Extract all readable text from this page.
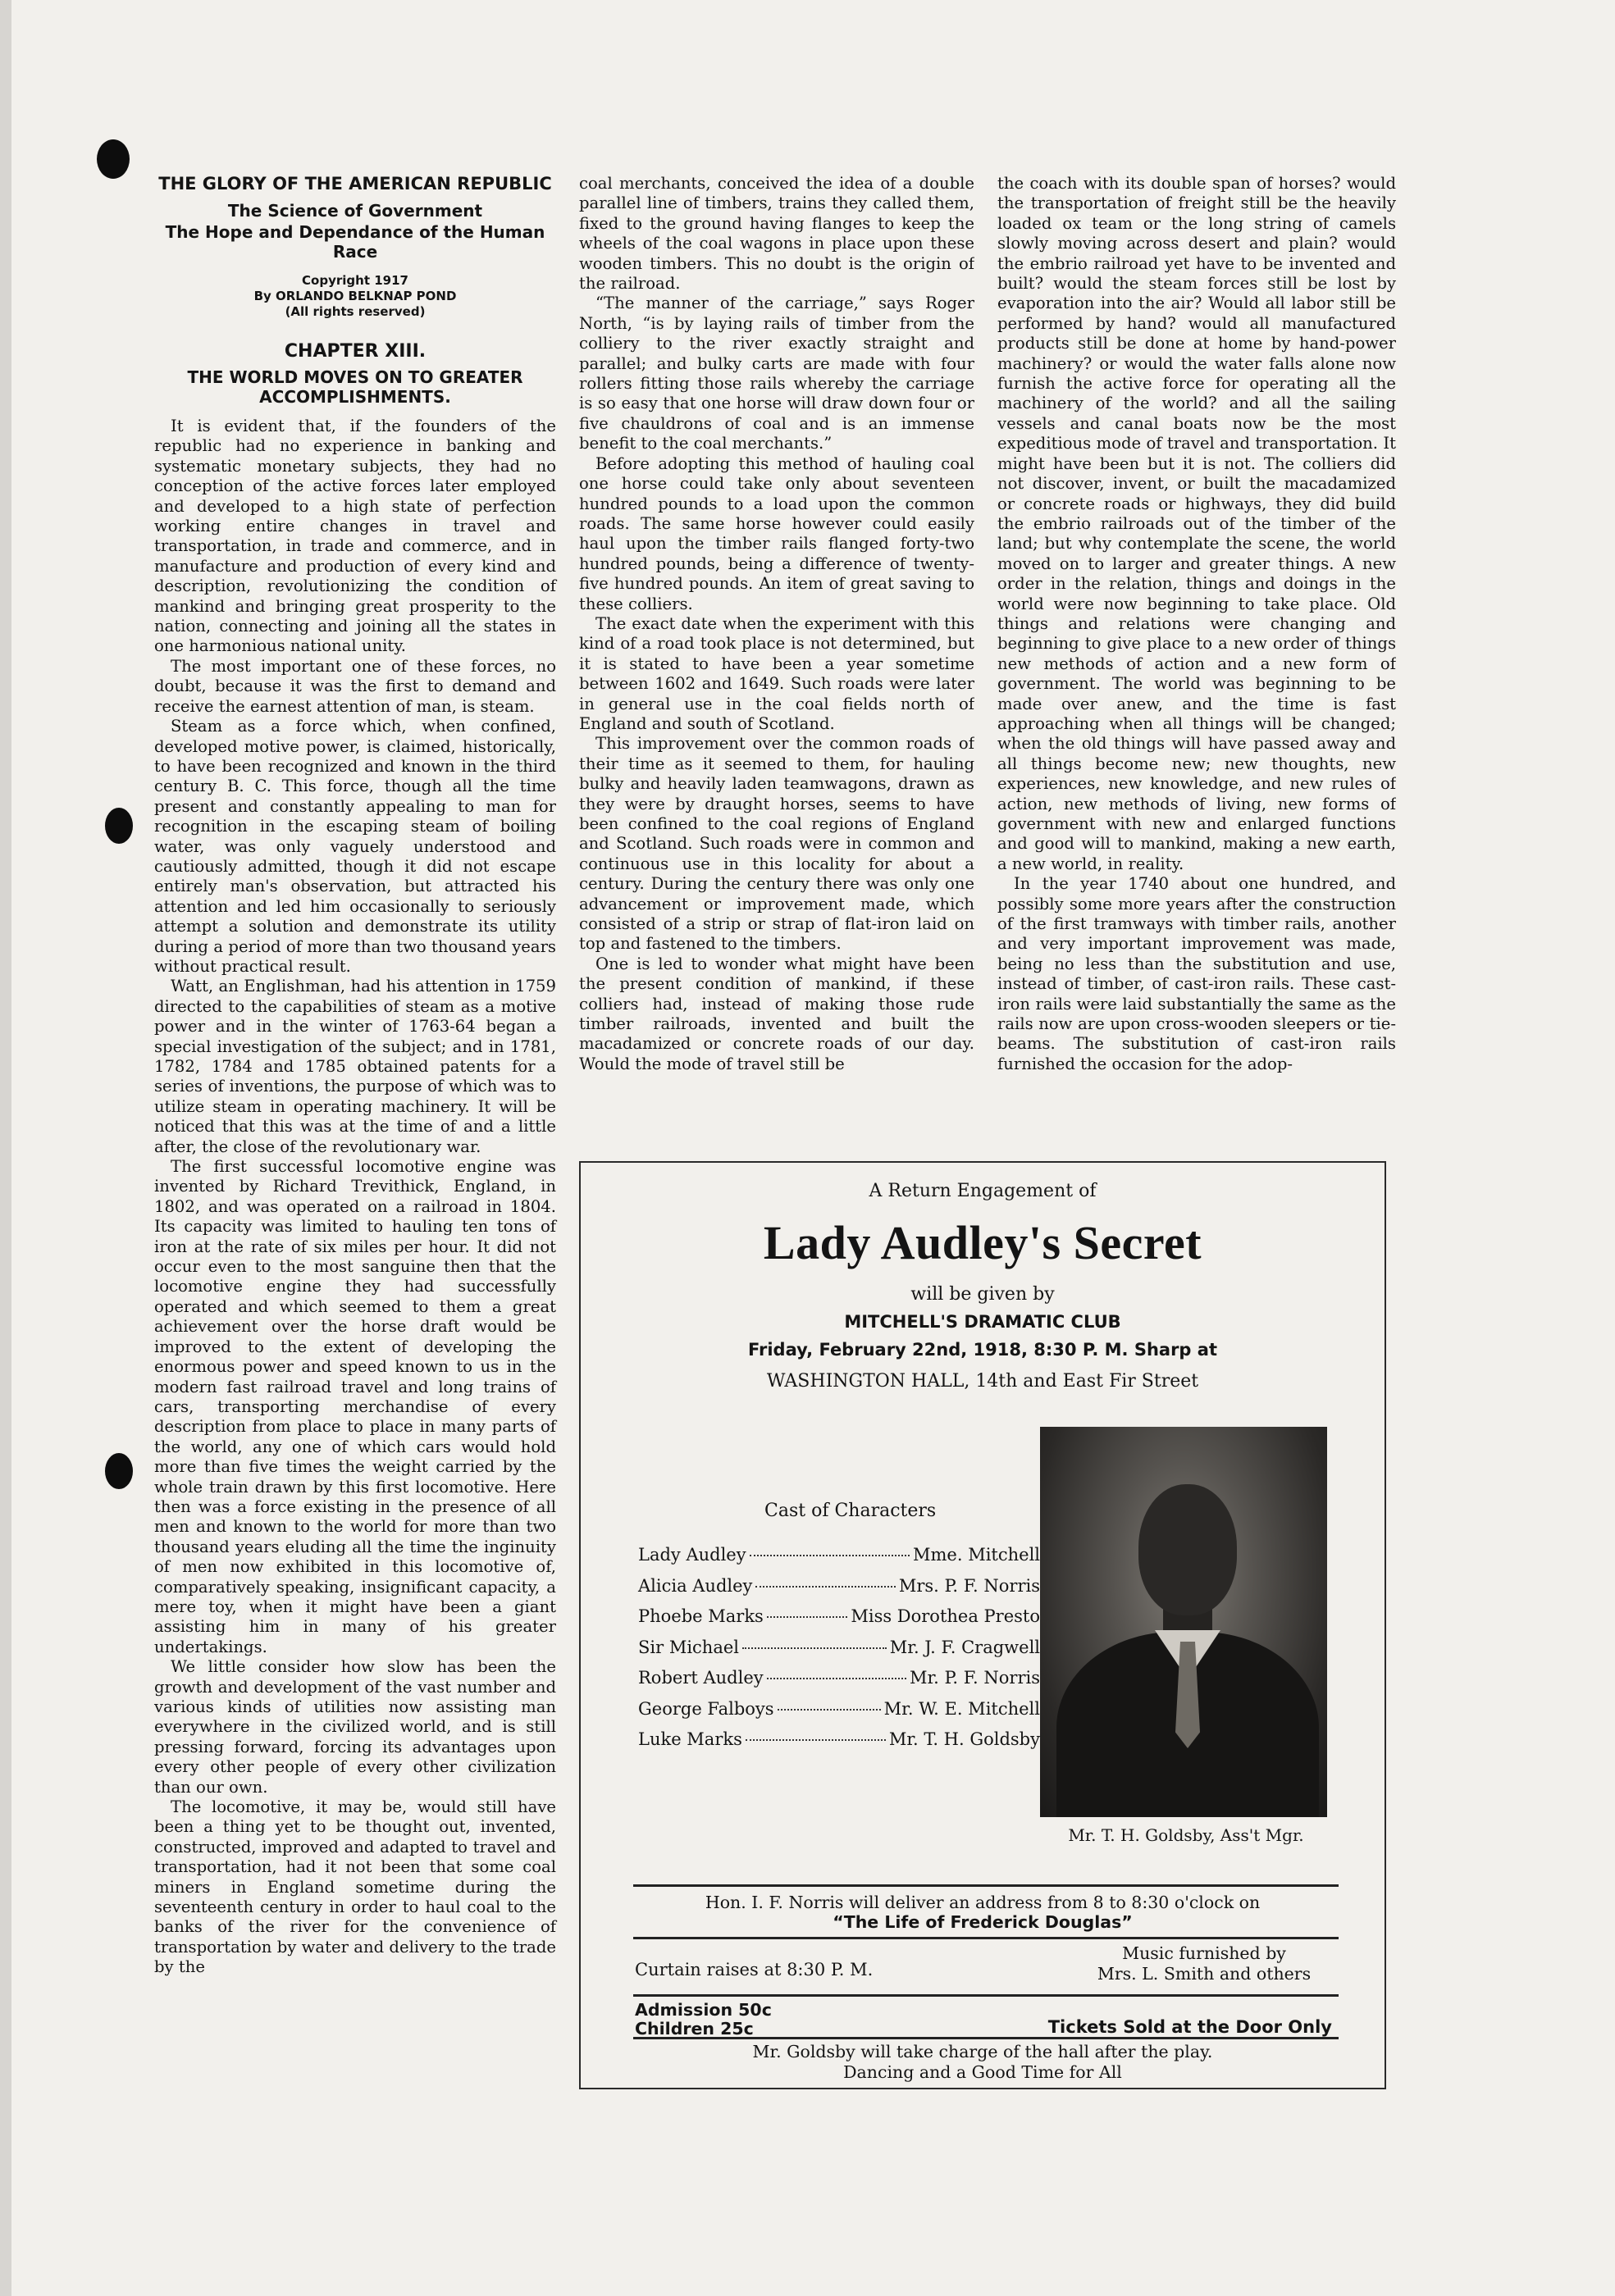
THE GLORY OF THE AMERICAN REPUBLIC
The Science of Government
The Hope and Dependance of the Human Race
Copyright 1917
By ORLANDO BELKNAP POND
(All rights reserved)
CHAPTER XIII.
THE WORLD MOVES ON TO GREATER ACCOMPLISHMENTS.

It is evident that, if the founders of the republic had no experience in banking and systematic monetary subjects, they had no conception of the active forces later employed and developed to a high state of perfection working entire changes in travel and transportation, in trade and commerce, and in manufacture and production of every kind and description, revolutionizing the condition of mankind and bringing great prosperity to the nation, connecting and joining all the states in one harmonious national unity.

The most important one of these forces, no doubt, because it was the first to demand and receive the earnest attention of man, is steam.

Steam as a force which, when confined, developed motive power, is claimed, historically, to have been recognized and known in the third century B. C. This force, though all the time present and constantly appealing to man for recognition in the escaping steam of boiling water, was only vaguely understood and cautiously admitted, though it did not escape entirely man's observation, but attracted his attention and led him occasionally to seriously attempt a solution and demonstrate its utility during a period of more than two thousand years without practical result.

Watt, an Englishman, had his attention in 1759 directed to the capabilities of steam as a motive power and in the winter of 1763-64 began a special investigation of the subject; and in 1781, 1782, 1784 and 1785 obtained patents for a series of inventions, the purpose of which was to utilize steam in operating machinery. It will be noticed that this was at the time of and a little after, the close of the revolutionary war.

The first successful locomotive engine was invented by Richard Trevithick, England, in 1802, and was operated on a railroad in 1804. Its capacity was limited to hauling ten tons of iron at the rate of six miles per hour. It did not occur even to the most sanguine then that the locomotive engine they had successfully operated and which seemed to them a great achievement over the horse draft would be improved to the extent of developing the enormous power and speed known to us in the modern fast railroad travel and long trains of cars, transporting merchandise of every description from place to place in many parts of the world, any one of which cars would hold more than five times the weight carried by the whole train drawn by this first locomotive. Here then was a force existing in the presence of all men and known to the world for more than two thousand years eluding all the time the inginuity of men now exhibited in this locomotive of, comparatively speaking, insignificant capacity, a mere toy, when it might have been a giant assisting him in many of his greater undertakings.

We little consider how slow has been the growth and development of the vast number and various kinds of utilities now assisting man everywhere in the civilized world, and is still pressing forward, forcing its advantages upon every other people of every other civilization than our own.

The locomotive, it may be, would still have been a thing yet to be thought out, invented, constructed, improved and adapted to travel and transportation, had it not been that some coal miners in England sometime during the seventeenth century in order to haul coal to the banks of the river for the convenience of transportation by water and delivery to the trade by the

coal merchants, conceived the idea of a double parallel line of timbers, trains they called them, fixed to the ground having flanges to keep the wheels of the coal wagons in place upon these wooden timbers. This no doubt is the origin of the railroad.

“The manner of the carriage,” says Roger North, “is by laying rails of timber from the colliery to the river exactly straight and parallel; and bulky carts are made with four rollers fitting those rails whereby the carriage is so easy that one horse will draw down four or five chauldrons of coal and is an immense benefit to the coal merchants.”

Before adopting this method of hauling coal one horse could take only about seventeen hundred pounds to a load upon the common roads. The same horse however could easily haul upon the timber rails flanged forty-two hundred pounds, being a difference of twenty-five hundred pounds. An item of great saving to these colliers.

The exact date when the experiment with this kind of a road took place is not determined, but it is stated to have been a year sometime between 1602 and 1649. Such roads were later in general use in the coal fields north of England and south of Scotland.

This improvement over the common roads of their time as it seemed to them, for hauling bulky and heavily laden teamwagons, drawn as they were by draught horses, seems to have been confined to the coal regions of England and Scotland. Such roads were in common and continuous use in this locality for about a century. During the century there was only one advancement or improvement made, which consisted of a strip or strap of flat-iron laid on top and fastened to the timbers.

One is led to wonder what might have been the present condition of mankind, if these colliers had, instead of making those rude timber railroads, invented and built the macadamized or concrete roads of our day. Would the mode of travel still be

the coach with its double span of horses? would the transportation of freight still be the heavily loaded ox team or the long string of camels slowly moving across desert and plain? would the embrio railroad yet have to be invented and built? would the steam forces still be lost by evaporation into the air? Would all labor still be performed by hand? would all manufactured products still be done at home by hand-power machinery? or would the water falls alone now furnish the active force for operating all the machinery of the world? and all the sailing vessels and canal boats now be the most expeditious mode of travel and transportation. It might have been but it is not. The colliers did not discover, invent, or built the macadamized or concrete roads or highways, they did build the embrio railroads out of the timber of the land; but why contemplate the scene, the world moved on to larger and greater things. A new order in the relation, things and doings in the world were now beginning to take place. Old things and relations were changing and beginning to give place to a new order of things new methods of action and a new form of government. The world was beginning to be made over anew, and the time is fast approaching when all things will be changed; when the old things will have passed away and all things become new; new thoughts, new experiences, new knowledge, and new rules of action, new methods of living, new forms of government with new and enlarged functions and good will to mankind, making a new earth, a new world, in reality.

In the year 1740 about one hundred, and possibly some more years after the construction of the first tramways with timber rails, another and very important improvement was made, being no less than the substitution and use, instead of timber, of cast-iron rails. These cast-iron rails were laid substantially the same as the rails now are upon cross-wooden sleepers or tie-beams. The substitution of cast-iron rails furnished the occasion for the adop-

A Return Engagement of
Lady Audley's Secret
will be given by
MITCHELL'S DRAMATIC CLUB
Friday, February 22nd, 1918, 8:30 P. M. Sharp at
WASHINGTON HALL, 14th and East Fir Street
Cast of Characters
Lady Audley	Mme. Mitchell
Alicia Audley	Mrs. P. F. Norris
Phoebe Marks	Miss Dorothea Presto
Sir Michael	Mr. J. F. Cragwell
Robert Audley	Mr. P. F. Norris
George Falboys	Mr. W. E. Mitchell
Luke Marks	Mr. T. H. Goldsby
Mr. T. H. Goldsby, Ass't Mgr.
Hon. I. F. Norris will deliver an address from 8 to 8:30 o'clock on
“The Life of Frederick Douglas”
Curtain raises at 8:30 P. M.
Music furnished by
Mrs. L. Smith and others
Admission 50c
Children 25c	Tickets Sold at the Door Only
Mr. Goldsby will take charge of the hall after the play.
Dancing and a Good Time for All
